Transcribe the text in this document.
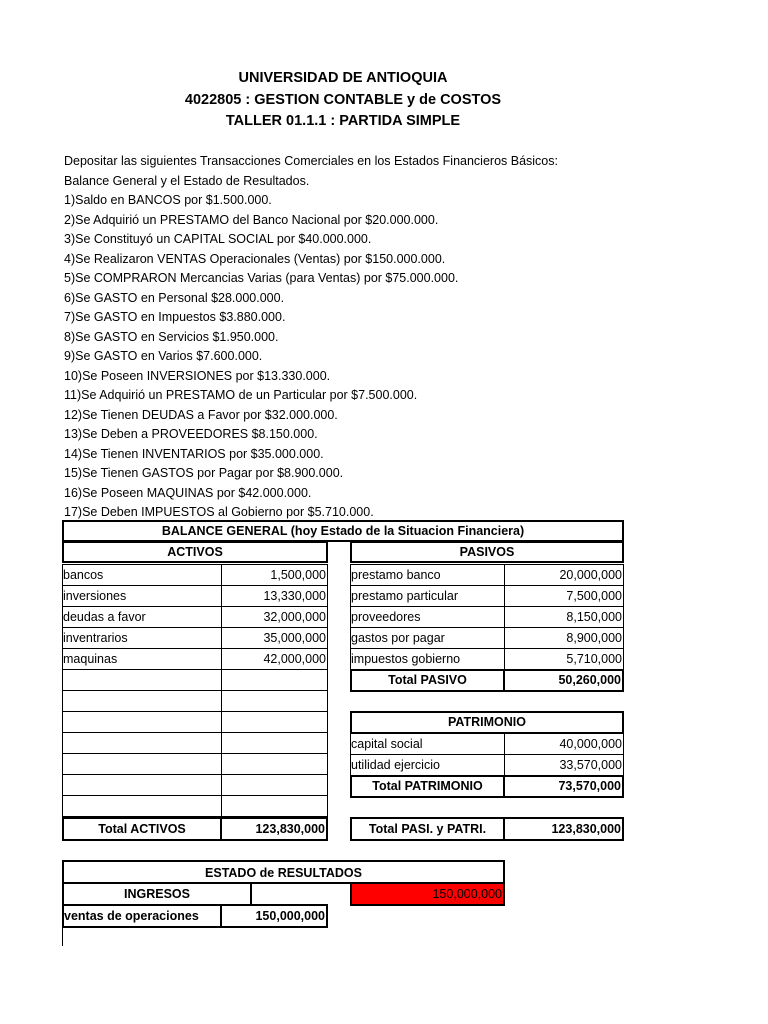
UNIVERSIDAD DE ANTIOQUIA
4022805 : GESTION CONTABLE y de COSTOS
TALLER 01.1.1 : PARTIDA SIMPLE
Depositar las siguientes Transacciones Comerciales en los Estados Financieros Básicos:
Balance General y el Estado de Resultados.
1)Saldo en BANCOS por $1.500.000.
2)Se Adquirió un PRESTAMO del Banco Nacional por $20.000.000.
3)Se Constituyó un CAPITAL SOCIAL por $40.000.000.
4)Se Realizaron VENTAS Operacionales (Ventas) por $150.000.000.
5)Se COMPRARON Mercancias Varias (para Ventas) por $75.000.000.
6)Se GASTO en Personal $28.000.000.
7)Se GASTO en Impuestos $3.880.000.
8)Se GASTO en Servicios $1.950.000.
9)Se GASTO en Varios $7.600.000.
10)Se Poseen INVERSIONES por $13.330.000.
11)Se Adquirió un PRESTAMO de un Particular por $7.500.000.
12)Se Tienen DEUDAS a Favor por $32.000.000.
13)Se Deben a PROVEEDORES $8.150.000.
14)Se Tienen INVENTARIOS por $35.000.000.
15)Se Tienen GASTOS por Pagar por $8.900.000.
16)Se Poseen MAQUINAS por $42.000.000.
17)Se Deben IMPUESTOS al Gobierno por $5.710.000.
BALANCE GENERAL (hoy Estado de la Situacion Financiera)
ACTIVOS	PASIVOS
bancos	1,500,000
inversiones	13,330,000
deudas a favor	32,000,000
inventrarios	35,000,000
maquinas	42,000,000
prestamo banco	20,000,000
prestamo particular	7,500,000
proveedores	8,150,000
gastos por pagar	8,900,000
impuestos gobierno	5,710,000
Total PASIVO	50,260,000
PATRIMONIO
capital social	40,000,000
utilidad ejercicio	33,570,000
Total PATRIMONIO	73,570,000
Total ACTIVOS	123,830,000	Total PASI. y PATRI.	123,830,000
ESTADO de RESULTADOS
INGRESOS	150,000,000
ventas de operaciones	150,000,000
